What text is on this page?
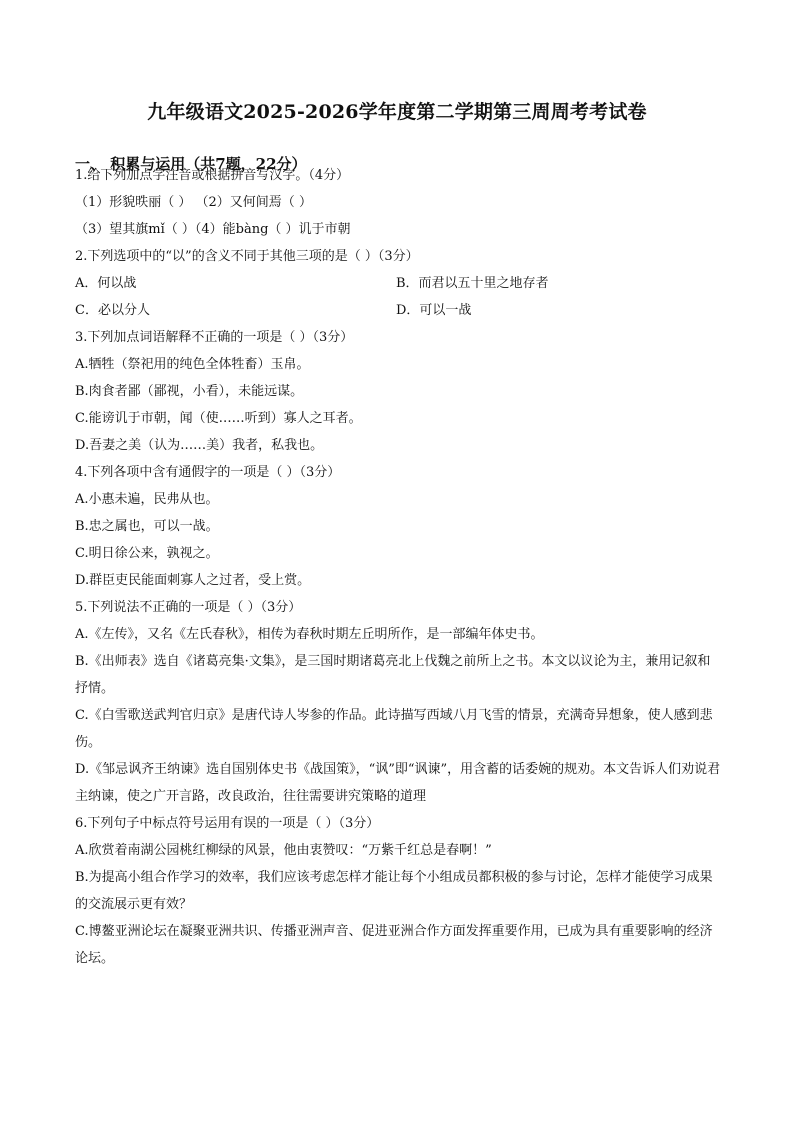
九年级语文2025-2026学年度第二学期第三周周考考试卷
一、 积累与运用（共7题，22分）
1.给下列加点字注音或根据拼音写汉字。（4分）
（1）形貌昳丽（ ） （2）又何间焉（ ）
（3）望其旗mǐ（ ）（4）能bàng（ ）讥于市朝
2.下列选项中的“以”的含义不同于其他三项的是（ ）（3分）
A．何以战	B．而君以五十里之地存者
C．必以分人	D．可以一战
3.下列加点词语解释不正确的一项是（ ）（3分）
A.牺牲（祭祀用的纯色全体牲畜）玉帛。
B.肉食者鄙（鄙视，小看），未能远谋。
C.能谤讥于市朝，闻（使……听到）寡人之耳者。
D.吾妻之美（认为……美）我者，私我也。
4.下列各项中含有通假字的一项是（ ）（3分）
A.小惠未遍，民弗从也。
B.忠之属也，可以一战。
C.明日徐公来，孰视之。
D.群臣吏民能面刺寡人之过者，受上赏。
5.下列说法不正确的一项是（ ）（3分）
A.《左传》，又名《左氏春秋》，相传为春秋时期左丘明所作，是一部编年体史书。
B.《出师表》选自《诸葛亮集·文集》，是三国时期诸葛亮北上伐魏之前所上之书。本文以议论为主，兼用记叙和抒情。
C.《白雪歌送武判官归京》是唐代诗人岑参的作品。此诗描写西域八月飞雪的情景，充满奇异想象，使人感到悲伤。
D.《邹忌讽齐王纳谏》选自国别体史书《战国策》，“讽”即“讽谏”，用含蓄的话委婉的规劝。本文告诉人们劝说君主纳谏，使之广开言路，改良政治，往往需要讲究策略的道理
6.下列句子中标点符号运用有误的一项是（ ）（3分）
A.欣赏着南湖公园桃红柳绿的风景，他由衷赞叹：“万紫千红总是春啊！”
B.为提高小组合作学习的效率，我们应该考虑怎样才能让每个小组成员都积极的参与讨论，怎样才能使学习成果的交流展示更有效？
C.博鳌亚洲论坛在凝聚亚洲共识、传播亚洲声音、促进亚洲合作方面发挥重要作用，已成为具有重要影响的经济论坛。
